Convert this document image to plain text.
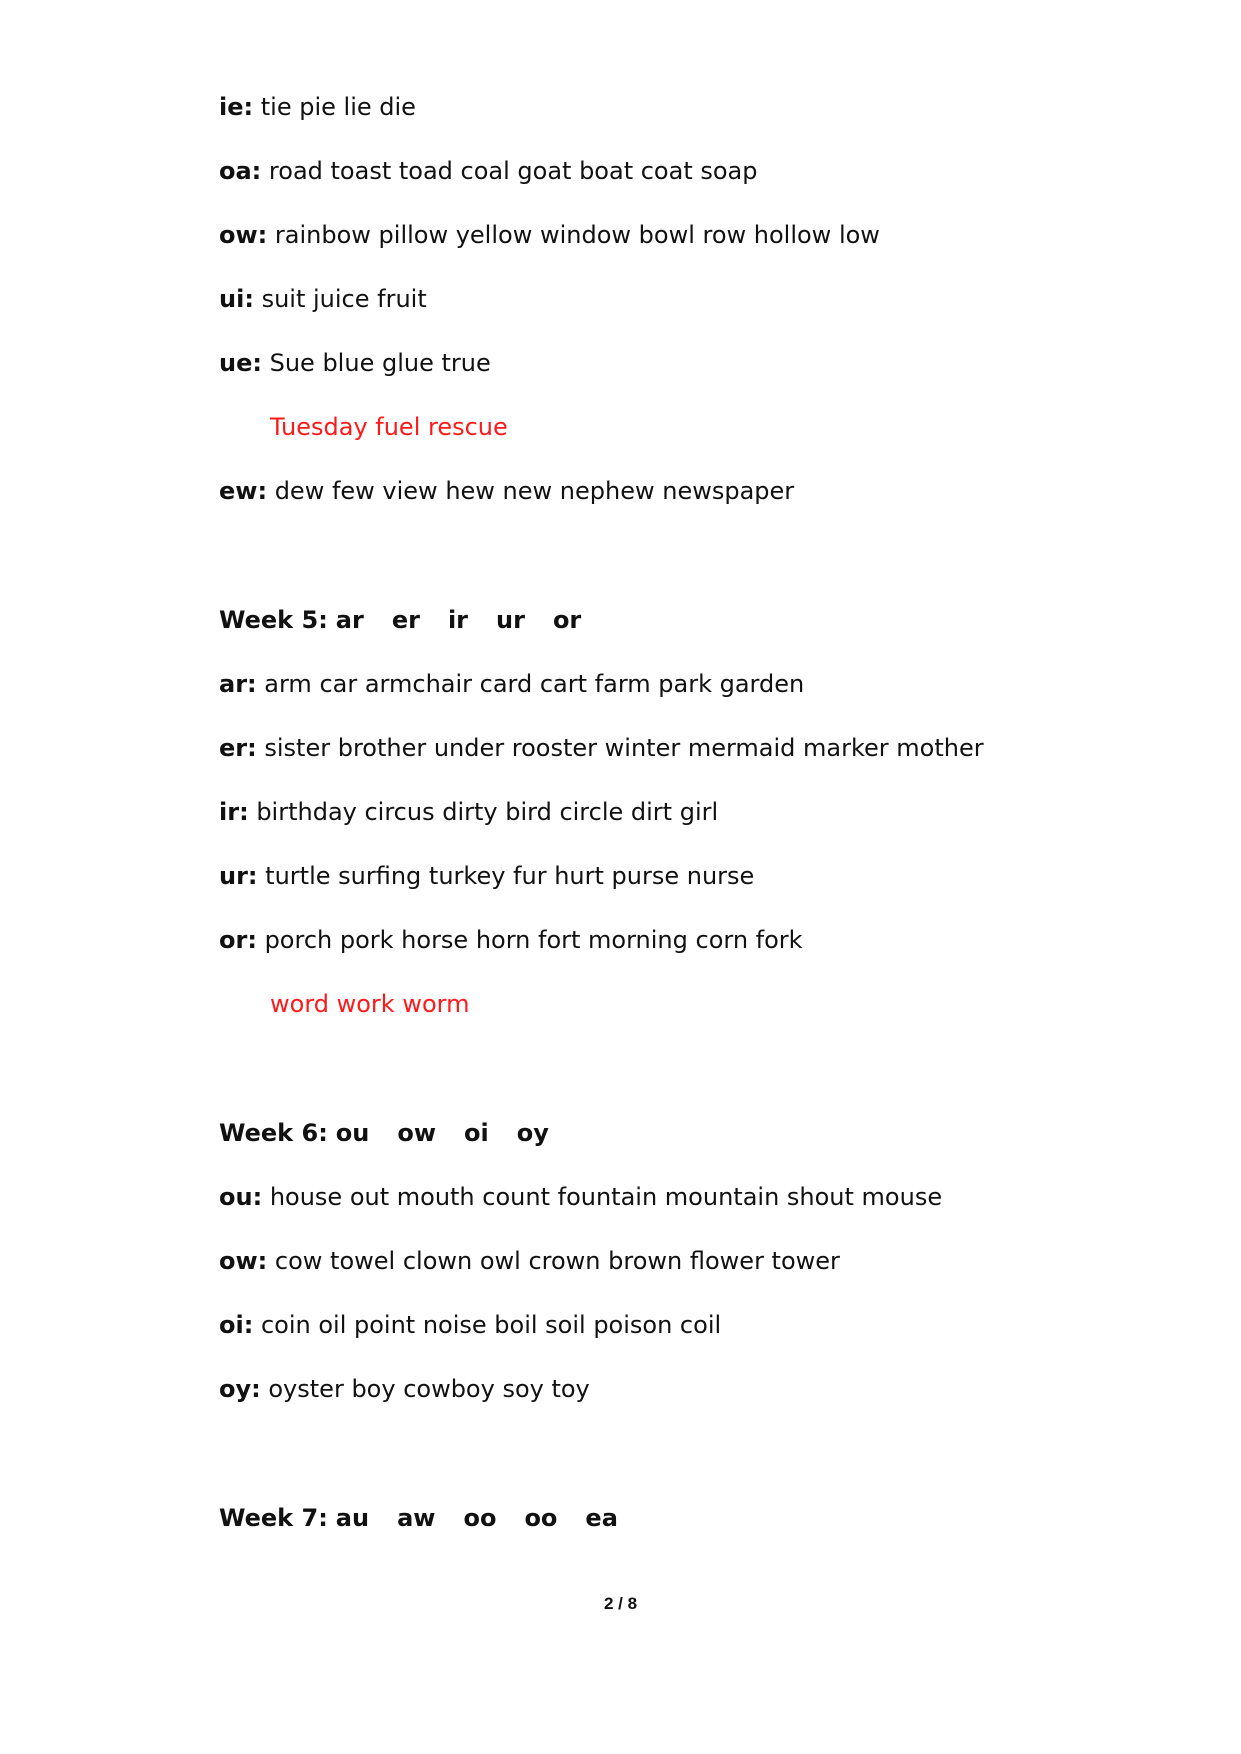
ie: tie pie lie die
oa: road toast toad coal goat boat coat soap
ow: rainbow pillow yellow window bowl row hollow low
ui: suit juice fruit
ue: Sue blue glue true
Tuesday fuel rescue
ew: dew few view hew new nephew newspaper
Week 5: ar er ir ur or
ar: arm car armchair card cart farm park garden
er: sister brother under rooster winter mermaid marker mother
ir: birthday circus dirty bird circle dirt girl
ur: turtle surfing turkey fur hurt purse nurse
or: porch pork horse horn fort morning corn fork
word work worm
Week 6: ou ow oi oy
ou: house out mouth count fountain mountain shout mouse
ow: cow towel clown owl crown brown flower tower
oi: coin oil point noise boil soil poison coil
oy: oyster boy cowboy soy toy
Week 7: au aw oo oo ea
2 / 8
